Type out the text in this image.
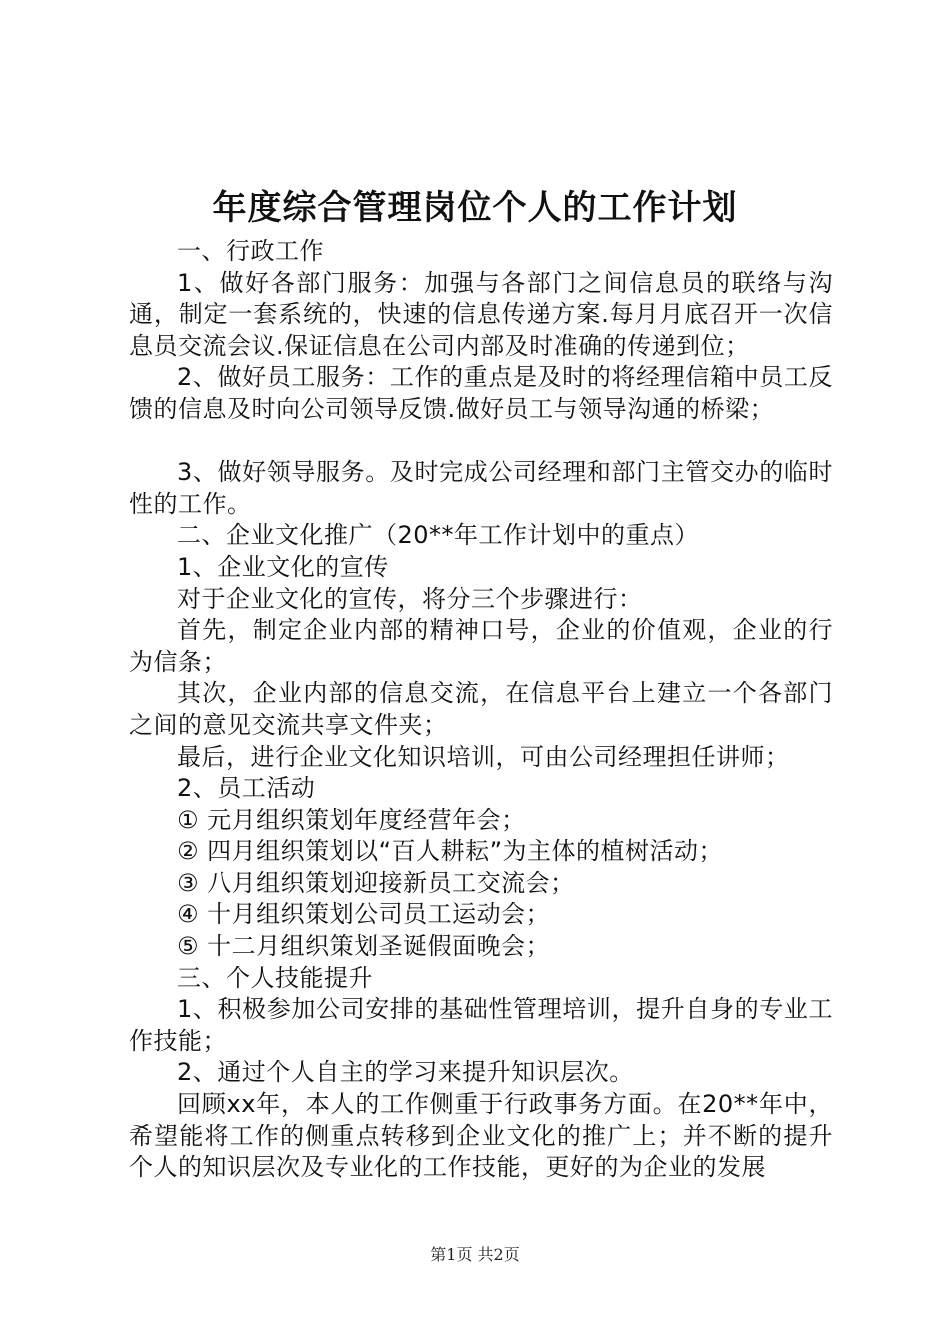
年度综合管理岗位个人的工作计划

一、行政工作

1、做好各部门服务：加强与各部门之间信息员的联络与沟通，制定一套系统的，快速的信息传递方案.每月月底召开一次信息员交流会议.保证信息在公司内部及时准确的传递到位；

2、做好员工服务：工作的重点是及时的将经理信箱中员工反馈的信息及时向公司领导反馈.做好员工与领导沟通的桥梁；

3、做好领导服务。及时完成公司经理和部门主管交办的临时性的工作。

二、企业文化推广（20**年工作计划中的重点）

1、企业文化的宣传

对于企业文化的宣传，将分三个步骤进行：

首先，制定企业内部的精神口号，企业的价值观，企业的行为信条；

其次，企业内部的信息交流，在信息平台上建立一个各部门之间的意见交流共享文件夹；

最后，进行企业文化知识培训，可由公司经理担任讲师；

2、员工活动

① 元月组织策划年度经营年会；

② 四月组织策划以“百人耕耘”为主体的植树活动；

③ 八月组织策划迎接新员工交流会；

④ 十月组织策划公司员工运动会；

⑤ 十二月组织策划圣诞假面晚会；

三、个人技能提升

1、积极参加公司安排的基础性管理培训，提升自身的专业工作技能；

2、通过个人自主的学习来提升知识层次。

回顾xx年，本人的工作侧重于行政事务方面。在20**年中，希望能将工作的侧重点转移到企业文化的推广上；并不断的提升个人的知识层次及专业化的工作技能，更好的为企业的发展

第1页 共2页
